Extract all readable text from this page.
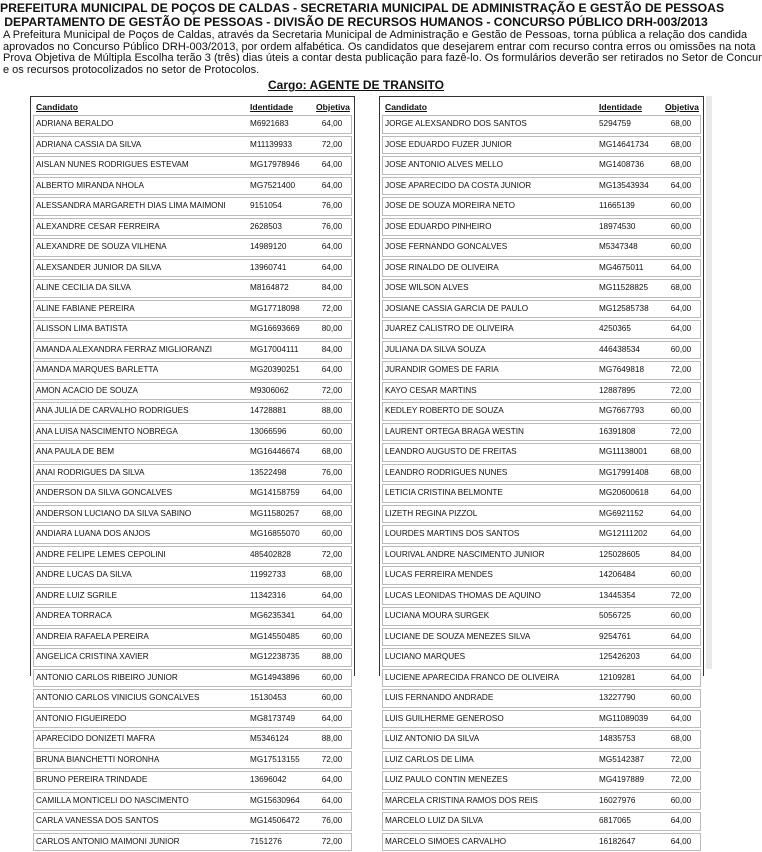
PREFEITURA MUNICIPAL DE POÇOS DE CALDAS - SECRETARIA MUNICIPAL DE ADMINISTRAÇÃO E GESTÃO DE PESSOAS
DEPARTAMENTO DE GESTÃO DE PESSOAS - DIVISÃO DE RECURSOS HUMANOS - CONCURSO PÚBLICO DRH-003/2013
A Prefeitura Municipal de Poços de Caldas, através da Secretaria Municipal de Administração e Gestão de Pessoas, torna pública a relação dos candida
aprovados no Concurso Público DRH-003/2013, por ordem alfabética. Os candidatos que desejarem entrar com recurso contra erros ou omissões na nota
Prova Objetiva de Múltipla Escolha terão 3 (três) dias úteis a contar desta publicação para fazê-lo. Os formulários deverão ser retirados no Setor de Concur
e os recursos protocolizados no setor de Protocolos.
Cargo: AGENTE DE TRANSITO
Candidato	Identidade	Objetiva
ADRIANA BERALDO	M6921683	64,00
ADRIANA CASSIA DA SILVA	M11139933	72,00
AISLAN NUNES RODRIGUES ESTEVAM	MG17978946	64,00
ALBERTO MIRANDA NHOLA	MG7521400	64,00
ALESSANDRA MARGARETH DIAS LIMA MAIMONI	9151054	76,00
ALEXANDRE CESAR FERREIRA	2628503	76,00
ALEXANDRE DE SOUZA VILHENA	14989120	64,00
ALEXSANDER JUNIOR DA SILVA	13960741	64,00
ALINE CECILIA DA SILVA	M8164872	84,00
ALINE FABIANE PEREIRA	MG17718098	72,00
ALISSON LIMA BATISTA	MG16693669	80,00
AMANDA ALEXANDRA FERRAZ MIGLIORANZI	MG17004111	84,00
AMANDA MARQUES BARLETTA	MG20390251	64,00
AMON ACACIO DE SOUZA	M9306062	72,00
ANA JULIA DE CARVALHO RODRIGUES	14728881	88,00
ANA LUISA NASCIMENTO NOBREGA	13066596	60,00
ANA PAULA DE BEM	MG16446674	68,00
ANAI RODRIGUES DA SILVA	13522498	76,00
ANDERSON DA SILVA GONCALVES	MG14158759	64,00
ANDERSON LUCIANO DA SILVA SABINO	MG11580257	68,00
ANDIARA LUANA DOS ANJOS	MG16855070	60,00
ANDRE FELIPE LEMES CEPOLINI	485402828	72,00
ANDRE LUCAS DA SILVA	11992733	68,00
ANDRE LUIZ SGRILE	11342316	64,00
ANDREA TORRACA	MG6235341	64,00
ANDREIA RAFAELA PEREIRA	MG14550485	60,00
ANGELICA CRISTINA XAVIER	MG12238735	88,00
ANTONIO CARLOS RIBEIRO JUNIOR	MG14943896	60,00
ANTONIO CARLOS VINICIUS GONCALVES	15130453	60,00
ANTONIO FIGUEIREDO	MG8173749	64,00
APARECIDO DONIZETI MAFRA	M5346124	88,00
BRUNA BIANCHETTI NORONHA	MG17513155	72,00
BRUNO PEREIRA TRINDADE	13696042	64,00
CAMILLA MONTICELI DO NASCIMENTO	MG15630964	64,00
CARLA VANESSA DOS SANTOS	MG14506472	76,00
CARLOS ANTONIO MAIMONI JUNIOR	7151276	72,00
Candidato	Identidade	Objetiva
JORGE ALEXSANDRO DOS SANTOS	5294759	68,00
JOSE EDUARDO FUZER JUNIOR	MG14641734	68,00
JOSE ANTONIO ALVES MELLO	MG1408736	68,00
JOSE APARECIDO DA COSTA JUNIOR	MG13543934	64,00
JOSE DE SOUZA MOREIRA NETO	11665139	60,00
JOSE EDUARDO PINHEIRO	18974530	60,00
JOSE FERNANDO GONCALVES	M5347348	60,00
JOSE RINALDO DE OLIVEIRA	MG4675011	64,00
JOSE WILSON ALVES	MG11528825	68,00
JOSIANE CASSIA GARCIA DE PAULO	MG12585738	64,00
JUAREZ CALISTRO DE OLIVEIRA	4250365	64,00
JULIANA DA SILVA SOUZA	446438534	60,00
JURANDIR GOMES DE FARIA	MG7649818	72,00
KAYO CESAR MARTINS	12887895	72,00
KEDLEY ROBERTO DE SOUZA	MG7667793	60,00
LAURENT ORTEGA BRAGA WESTIN	16391808	72,00
LEANDRO AUGUSTO DE FREITAS	MG11138001	68,00
LEANDRO RODRIGUES NUNES	MG17991408	68,00
LETICIA CRISTINA BELMONTE	MG20600618	64,00
LIZETH REGINA PIZZOL	MG6921152	64,00
LOURDES MARTINS DOS SANTOS	MG12111202	64,00
LOURIVAL ANDRE NASCIMENTO JUNIOR	125028605	84,00
LUCAS FERREIRA MENDES	14206484	60,00
LUCAS LEONIDAS THOMAS DE AQUINO	13445354	72,00
LUCIANA MOURA SURGEK	5056725	60,00
LUCIANE DE SOUZA MENEZES SILVA	9254761	64,00
LUCIANO MARQUES	125426203	64,00
LUCIENE APARECIDA FRANCO DE OLIVEIRA	12109281	64,00
LUIS FERNANDO ANDRADE	13227790	60,00
LUIS GUILHERME GENEROSO	MG11089039	64,00
LUIZ ANTONIO DA SILVA	14835753	68,00
LUIZ CARLOS DE LIMA	MG5142387	72,00
LUIZ PAULO CONTIN MENEZES	MG4197889	72,00
MARCELA CRISTINA RAMOS DOS REIS	16027976	60,00
MARCELO LUIZ DA SILVA	6817065	64,00
MARCELO SIMOES CARVALHO	16182647	64,00
